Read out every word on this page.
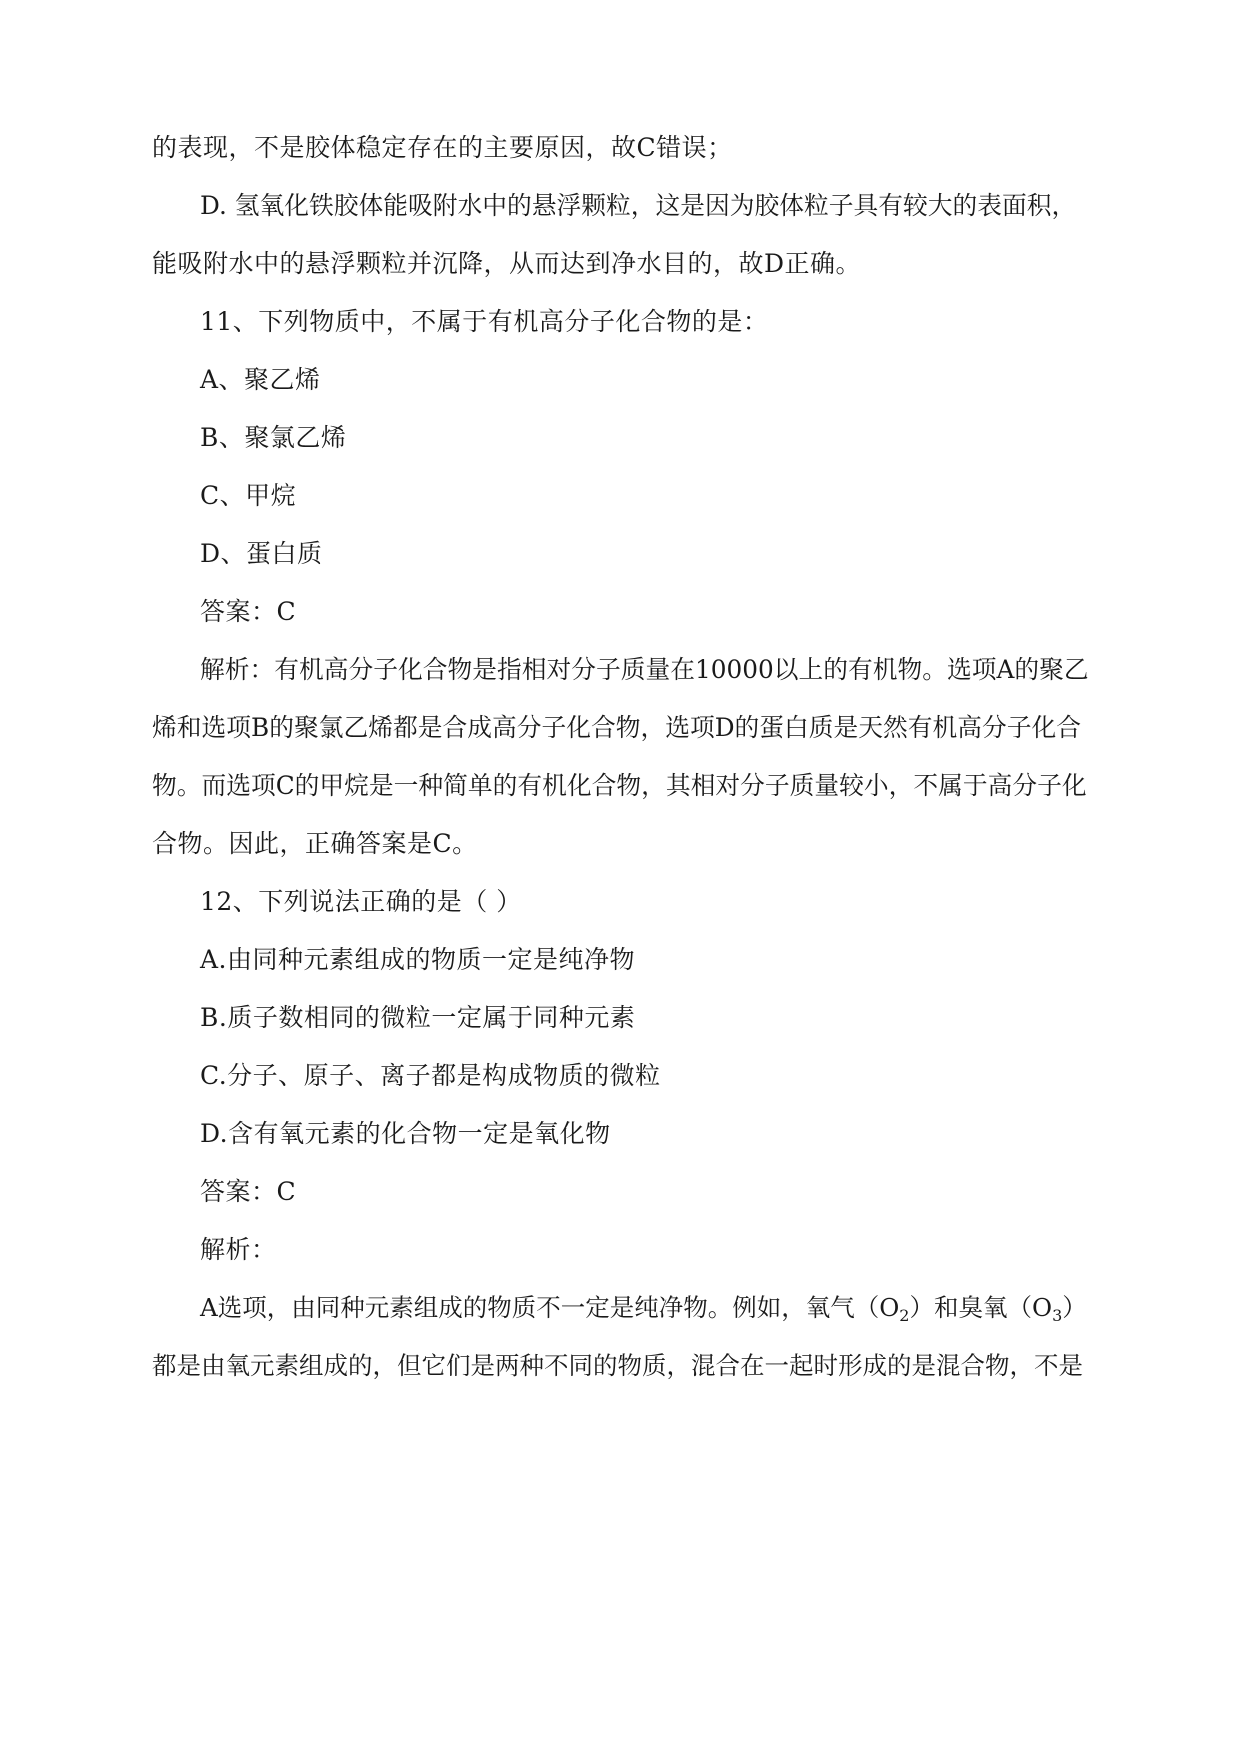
的表现，不是胶体稳定存在的主要原因，故C错误；
D. 氢氧化铁胶体能吸附水中的悬浮颗粒，这是因为胶体粒子具有较大的表面积，
能吸附水中的悬浮颗粒并沉降，从而达到净水目的，故D正确。
11、下列物质中，不属于有机高分子化合物的是：
A、聚乙烯
B、聚氯乙烯
C、甲烷
D、蛋白质
答案：C
解析：有机高分子化合物是指相对分子质量在10000以上的有机物。选项A的聚乙
烯和选项B的聚氯乙烯都是合成高分子化合物，选项D的蛋白质是天然有机高分子化合
物。而选项C的甲烷是一种简单的有机化合物，其相对分子质量较小，不属于高分子化
合物。因此，正确答案是C。
12、下列说法正确的是（ ）
A.由同种元素组成的物质一定是纯净物
B.质子数相同的微粒一定属于同种元素
C.分子、原子、离子都是构成物质的微粒
D.含有氧元素的化合物一定是氧化物
答案：C
解析：
A选项，由同种元素组成的物质不一定是纯净物。例如，氧气$(O_2)$和臭氧$(O_3)$
都是由氧元素组成的，但它们是两种不同的物质，混合在一起时形成的是混合物，不是
